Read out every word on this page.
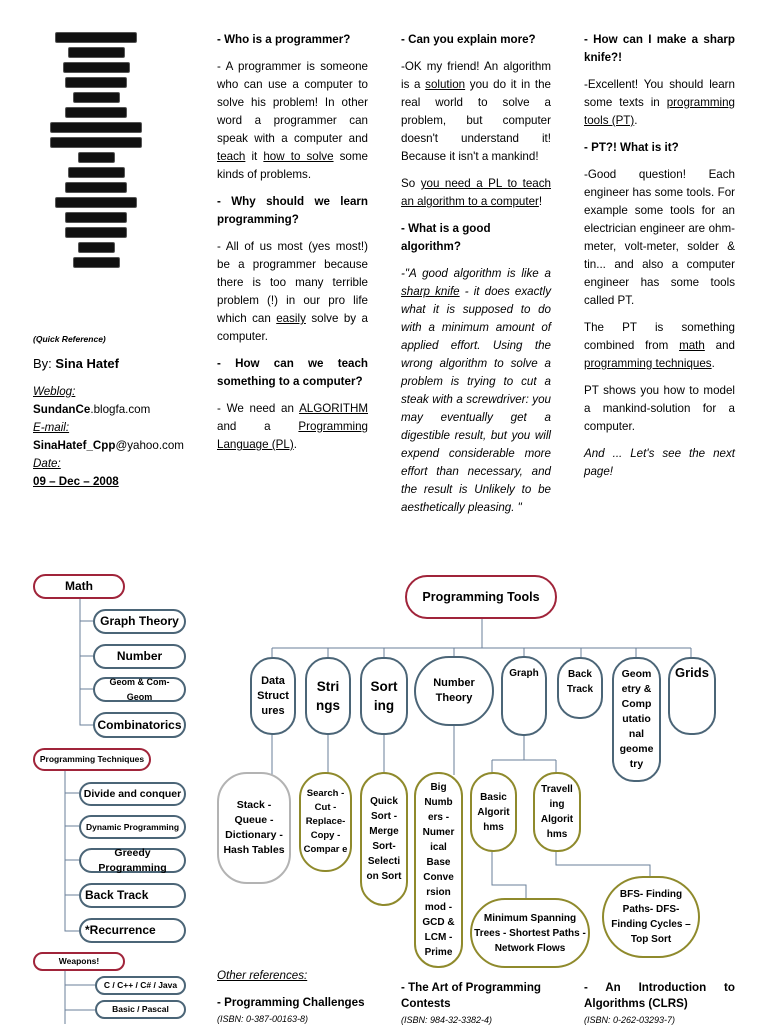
(Quick Reference)
By: Sina Hatef
Weblog:
SundanCe.blogfa.com
E-mail:
SinaHatef_Cpp@yahoo.com
Date:
09 – Dec – 2008

- Who is a programmer?

- A programmer is someone who can use a computer to solve his problem! In other word a programmer can speak with a computer and teach it how to solve some kinds of problems.

- Why should we learn programming?

- All of us most (yes most!) be a programmer because there is too many terrible problem (!) in our pro life which can easily solve by a computer.

- How can we teach something to a computer?

- We need an ALGORITHM and a Programming Language (PL).

- Can you explain more?

-OK my friend! An algorithm is a solution you do it in the real world to solve a problem, but computer doesn't understand it! Because it isn't a mankind!

So you need a PL to teach an algorithm to a computer!

- What is a good algorithm?

-"A good algorithm is like a sharp knife - it does exactly what it is supposed to do with a minimum amount of applied effort. Using the wrong algorithm to solve a problem is trying to cut a steak with a screwdriver: you may eventually get a digestible result, but you will expend considerable more effort than necessary, and the result is Unlikely to be aesthetically pleasing. "

- How can I make a sharp knife?!

-Excellent! You should learn some texts in programming tools (PT).

- PT?! What is it?

-Good question! Each engineer has some tools. For example some tools for an electrician engineer are ohm-meter, volt-meter, solder & tin... and also a computer engineer has some tools called PT.

The PT is something combined from math and programming techniques.

PT shows you how to model a mankind-solution for a computer.

And ... Let's see the next page!

Math
Graph Theory
Number
Geom & Com-Geom
Combinatorics
Programming Techniques
Divide and conquer
Dynamic Programming
Greedy Programming
Back Track
*Recurrence
Weapons!
C / C++ / C# / Java
Basic / Pascal
Programming Tools
Data Struct ures
Stri ngs
Sort ing
Number Theory
Graph	Back Track
Geom etry & Comp utatio nal geome try
Grids
Stack - Queue - Dictionary - Hash Tables
Search - Cut - Replace- Copy - Compar e
Quick Sort - Merge Sort- Selecti on Sort
Big Numb ers - Numer ical Base Conve rsion mod - GCD & LCM - Prime
Basic Algorit hms
Travell ing Algorit hms
Minimum Spanning Trees - Shortest Paths - Network Flows
BFS- Finding Paths- DFS- Finding Cycles – Top Sort
Other references:
- Programming Challenges
(ISBN: 0-387-00163-8)
- The Art of Programming Contests
(ISBN: 984-32-3382-4)
- An Introduction to Algorithms (CLRS)
(ISBN: 0-262-03293-7)
